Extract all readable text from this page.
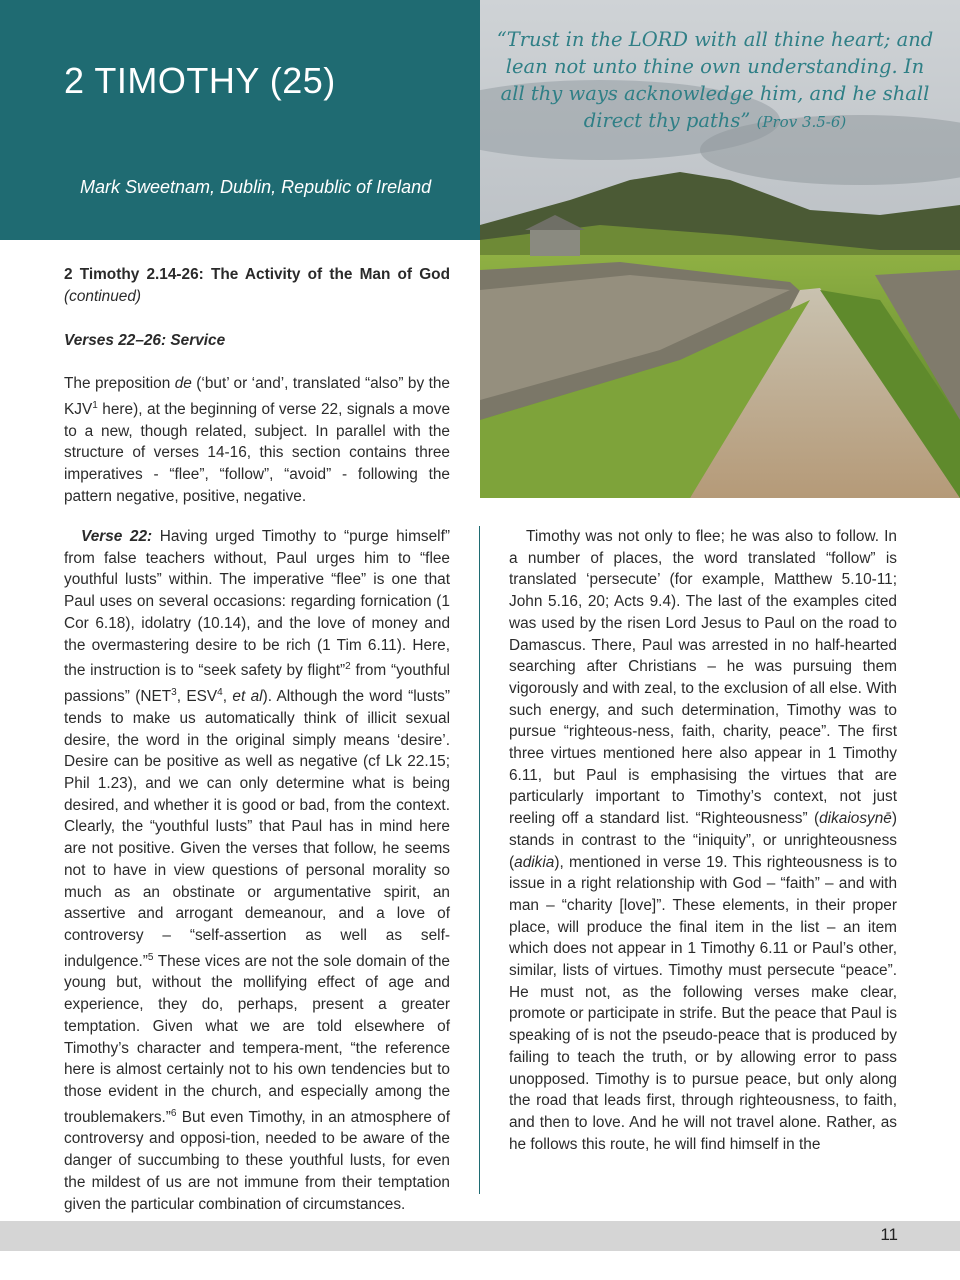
2 TIMOTHY (25)

Mark Sweetnam, Dublin, Republic of Ireland

“Trust in the LORD with all thine heart; and lean not unto thine own understanding. In all thy ways acknowledge him, and he shall direct thy paths” (Prov 3.5-6)

2 Timothy 2.14-26: The Activity of the Man of God (continued)

Verses 22–26: Service

The preposition de (‘but’ or ‘and’, translated “also” by the KJV$^1$ here), at the beginning of verse 22, signals a move to a new, though related, subject. In parallel with the structure of verses 14-16, this section contains three imperatives - “flee”, “follow”, “avoid” - following the pattern negative, positive, negative.

Verse 22: Having urged Timothy to “purge himself” from false teachers without, Paul urges him to “flee youthful lusts” within. The imperative “flee” is one that Paul uses on several occasions: regarding fornication (1 Cor 6.18), idolatry (10.14), and the love of money and the overmastering desire to be rich (1 Tim 6.11). Here, the instruction is to “seek safety by flight”$^2$ from “youthful passions” (NET$^3$, ESV$^4$, et al). Although the word “lusts” tends to make us automatically think of illicit sexual desire, the word in the original simply means ‘desire’. Desire can be positive as well as negative (cf Lk 22.15; Phil 1.23), and we can only determine what is being desired, and whether it is good or bad, from the context. Clearly, the “youthful lusts” that Paul has in mind here are not positive. Given the verses that follow, he seems not to have in view questions of personal morality so much as an obstinate or argumentative spirit, an assertive and arrogant demeanour, and a love of controversy – “self-assertion as well as self-indulgence.”$^5$ These vices are not the sole domain of the young but, without the mollifying effect of age and experience, they do, perhaps, present a greater temptation. Given what we are told elsewhere of Timothy’s character and tempera-ment, “the reference here is almost certainly not to his own tendencies but to those evident in the church, and especially among the troublemakers.”$^6$ But even Timothy, in an atmosphere of controversy and opposi-tion, needed to be aware of the danger of succumbing to these youthful lusts, for even the mildest of us are not immune from their temptation given the particular combination of circumstances.

Timothy was not only to flee; he was also to follow. In a number of places, the word translated “follow” is translated ‘persecute’ (for example, Matthew 5.10-11; John 5.16, 20; Acts 9.4). The last of the examples cited was used by the risen Lord Jesus to Paul on the road to Damascus. There, Paul was arrested in no half-hearted searching after Christians – he was pursuing them vigorously and with zeal, to the exclusion of all else. With such energy, and such determination, Timothy was to pursue “righteous-ness, faith, charity, peace”. The first three virtues mentioned here also appear in 1 Timothy 6.11, but Paul is emphasising the virtues that are particularly important to Timothy’s context, not just reeling off a standard list. “Righteousness” (dikaiosynē) stands in contrast to the “iniquity”, or unrighteousness (adikia), mentioned in verse 19. This righteousness is to issue in a right relationship with God – “faith” – and with man – “charity [love]”. These elements, in their proper place, will produce the final item in the list – an item which does not appear in 1 Timothy 6.11 or Paul’s other, similar, lists of virtues. Timothy must persecute “peace”. He must not, as the following verses make clear, promote or participate in strife. But the peace that Paul is speaking of is not the pseudo-peace that is produced by failing to teach the truth, or by allowing error to pass unopposed. Timothy is to pursue peace, but only along the road that leads first, through righteousness, to faith, and then to love. And he will not travel alone. Rather, as he follows this route, he will find himself in the

11
